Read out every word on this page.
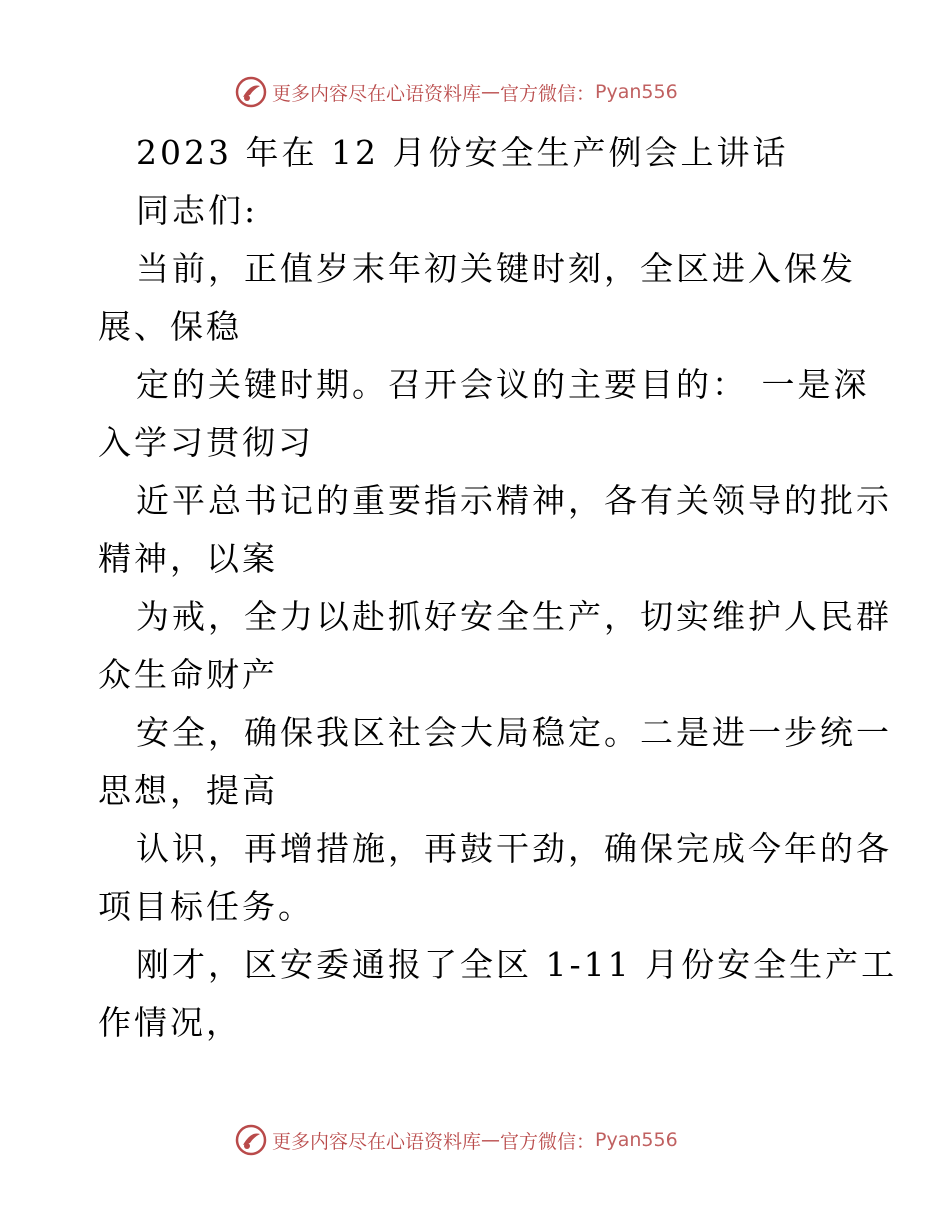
更多内容尽在心语资料库 — 官方微信： Pyan556
2023 年在 12 月份安全生产例会上讲话
同志们:
当前，正值岁末年初关键时刻，全区进入保发
展、保稳
定的关键时期。召开会议的主要目的： 一是深
入学习贯彻习
近平总书记的重要指示精神，各有关领导的批示
精神，以案
为戒，全力以赴抓好安全生产，切实维护人民群
众生命财产
安全，确保我区社会大局稳定。二是进一步统一
思想，提高
认识，再增措施，再鼓干劲，确保完成今年的各
项目标任务。
刚才，区安委通报了全区 1-11 月份安全生产工
作情况，
更多内容尽在心语资料库 — 官方微信： Pyan556
